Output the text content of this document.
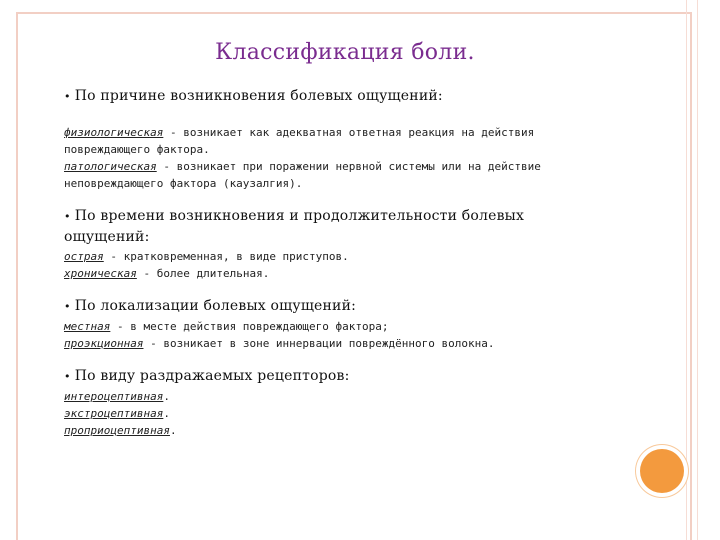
Классификация боли.

• По причине возникновения болевых ощущений:

физиологическая - возникает как адекватная ответная реакция на действия

повреждающего фактора.

патологическая - возникает при поражении нервной системы или на действие

неповреждающего фактора (каузалгия).

• По времени возникновения и продолжительности болевых

ощущений:

острая - кратковременная, в виде приступов.

хроническая - более длительная.

• По локализации болевых ощущений:

местная - в месте действия повреждающего фактора;

проэкционная - возникает в зоне иннервации повреждённого волокна.

• По виду раздражаемых рецепторов:

интероцептивная.

экстроцептивная.

проприоцептивная.
